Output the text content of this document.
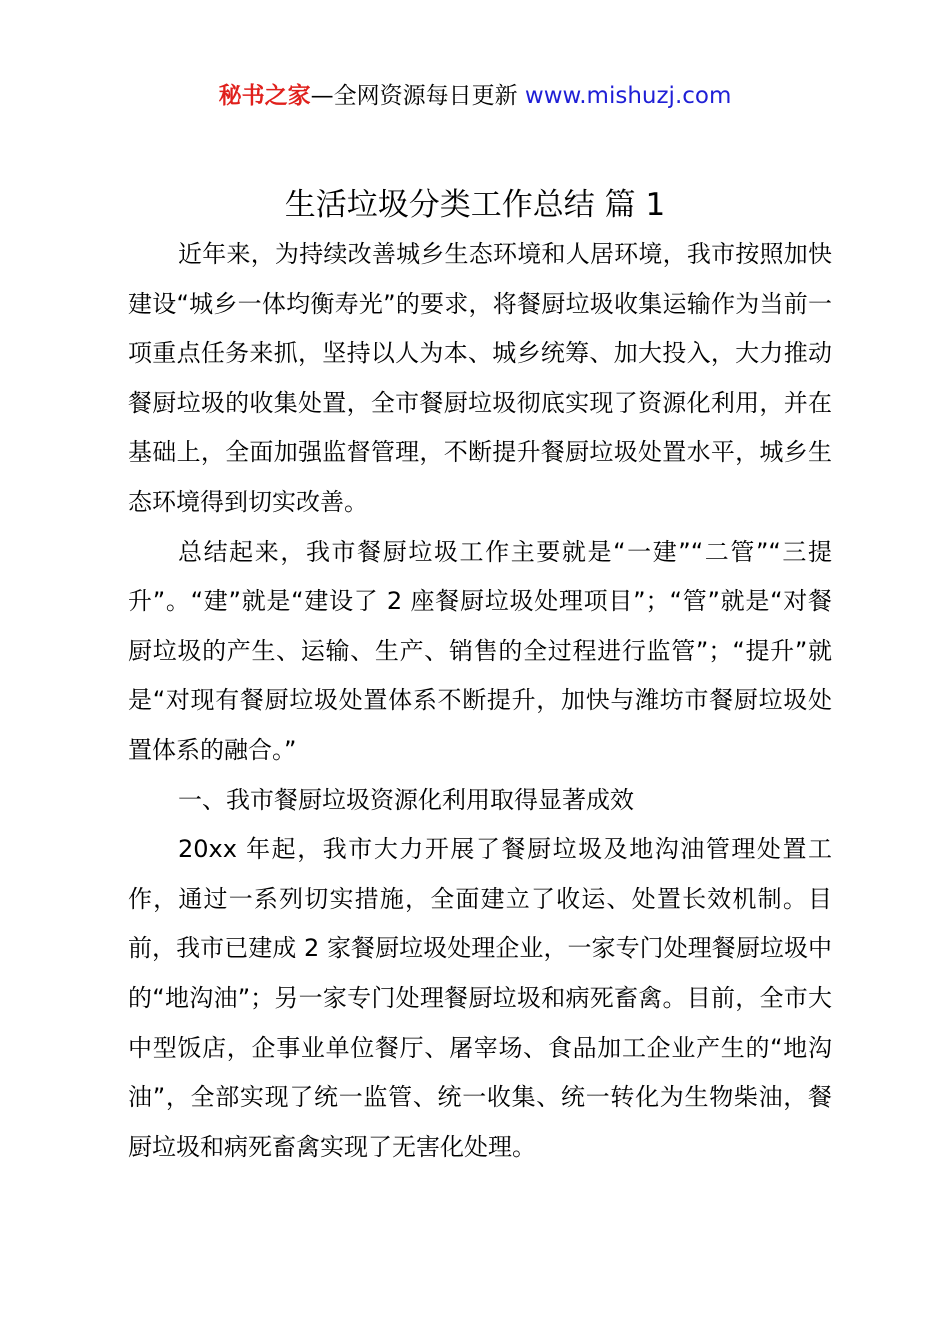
秘书之家—全网资源每日更新 www.mishuzj.com
生活垃圾分类工作总结 篇 1

近年来，为持续改善城乡生态环境和人居环境，我市按照加快建设“城乡一体均衡寿光”的要求，将餐厨垃圾收集运输作为当前一项重点任务来抓，坚持以人为本、城乡统筹、加大投入，大力推动餐厨垃圾的收集处置，全市餐厨垃圾彻底实现了资源化利用，并在基础上，全面加强监督管理，不断提升餐厨垃圾处置水平，城乡生态环境得到切实改善。

总结起来，我市餐厨垃圾工作主要就是“一建”“二管”“三提升”。“建”就是“建设了 2 座餐厨垃圾处理项目”；“管”就是“对餐厨垃圾的产生、运输、生产、销售的全过程进行监管”；“提升”就是“对现有餐厨垃圾处置体系不断提升，加快与潍坊市餐厨垃圾处置体系的融合。”

一、我市餐厨垃圾资源化利用取得显著成效

20xx 年起，我市大力开展了餐厨垃圾及地沟油管理处置工作，通过一系列切实措施，全面建立了收运、处置长效机制。目前，我市已建成 2 家餐厨垃圾处理企业，一家专门处理餐厨垃圾中的“地沟油”；另一家专门处理餐厨垃圾和病死畜禽。目前，全市大中型饭店，企事业单位餐厅、屠宰场、食品加工企业产生的“地沟油”，全部实现了统一监管、统一收集、统一转化为生物柴油，餐厨垃圾和病死畜禽实现了无害化处理。
